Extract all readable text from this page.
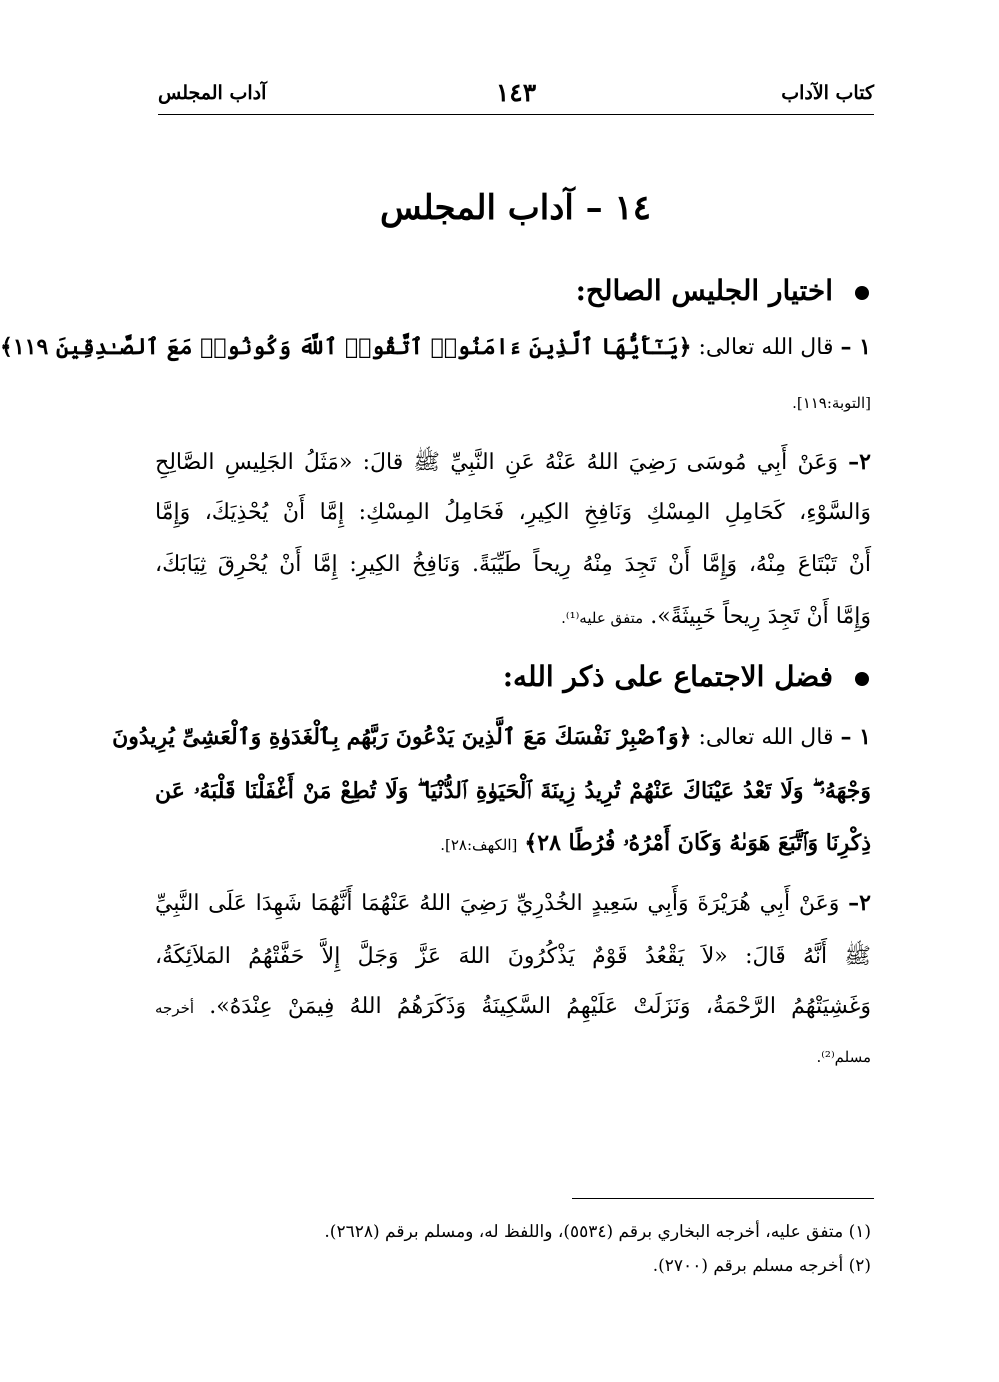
كتاب الآداب
١٤٣
آداب المجلس
١٤ – آداب المجلس
اختيار الجليس الصالح:
١ – قال الله تعالى: ﴿يَـٰٓأَيُّهَا ٱلَّذِينَ ءَامَنُوا۟ ٱتَّقُوا۟ ٱللَّهَ وَكُونُوا۟ مَعَ ٱلصَّـٰدِقِينَ ١١٩﴾
[التوبة:١١٩].
٢– وَعَنْ أَبِي مُوسَى رَضِيَ اللهُ عَنْهُ عَنِ النَّبِيِّ ﷺ قالَ: «مَثَلُ الجَلِيسِ الصَّالِحِ
وَالسَّوْءِ، كَحَامِلِ المِسْكِ وَنَافِخِ الكِيرِ، فَحَامِلُ المِسْكِ: إِمَّا أَنْ يُحْذِيَكَ، وَإِمَّا
أَنْ تَبْتَاعَ مِنْهُ، وَإِمَّا أَنْ تَجِدَ مِنْهُ رِيحاً طَيِّبَةً. وَنَافِخُ الكِيرِ: إِمَّا أَنْ يُحْرِقَ ثِيَابَكَ،
وَإِمَّا أَنْ تَجِدَ رِيحاً خَبِيثَةً». متفق عليه⁽¹⁾.
فضل الاجتماع على ذكر الله:
١ – قال الله تعالى: ﴿وَٱصْبِرْ نَفْسَكَ مَعَ ٱلَّذِينَ يَدْعُونَ رَبَّهُم بِٱلْغَدَوٰةِ وَٱلْعَشِىِّ يُرِيدُونَ
وَجْهَهُۥ ۖ وَلَا تَعْدُ عَيْنَاكَ عَنْهُمْ تُرِيدُ زِينَةَ ٱلْحَيَوٰةِ ٱلدُّنْيَا ۖ وَلَا تُطِعْ مَنْ أَغْفَلْنَا قَلْبَهُۥ عَن
ذِكْرِنَا وَٱتَّبَعَ هَوَىٰهُ وَكَانَ أَمْرُهُۥ فُرُطًا ٢٨﴾ [الكهف:٢٨].
٢– وَعَنْ أَبِي هُرَيْرَةَ وَأَبِي سَعِيدٍ الخُدْرِيِّ رَضِيَ اللهُ عَنْهُمَا أَنَّهُمَا شَهِدَا عَلَى النَّبِيِّ
ﷺ أَنَّهُ قَالَ: «لاَ يَقْعُدُ قَوْمٌ يَذْكُرُونَ اللهَ عَزَّ وَجَلَّ إِلاَّ حَفَّتْهُمُ المَلاَئِكَةُ،
وَغَشِيَتْهُمُ الرَّحْمَةُ، وَنَزَلَتْ عَلَيْهِمُ السَّكِينَةُ وَذَكَرَهُمُ اللهُ فِيمَنْ عِنْدَهُ». أخرجه
مسلم⁽²⁾.
(١) متفق عليه، أخرجه البخاري برقم (٥٥٣٤)، واللفظ له، ومسلم برقم (٢٦٢٨).
(٢) أخرجه مسلم برقم (٢٧٠٠).
